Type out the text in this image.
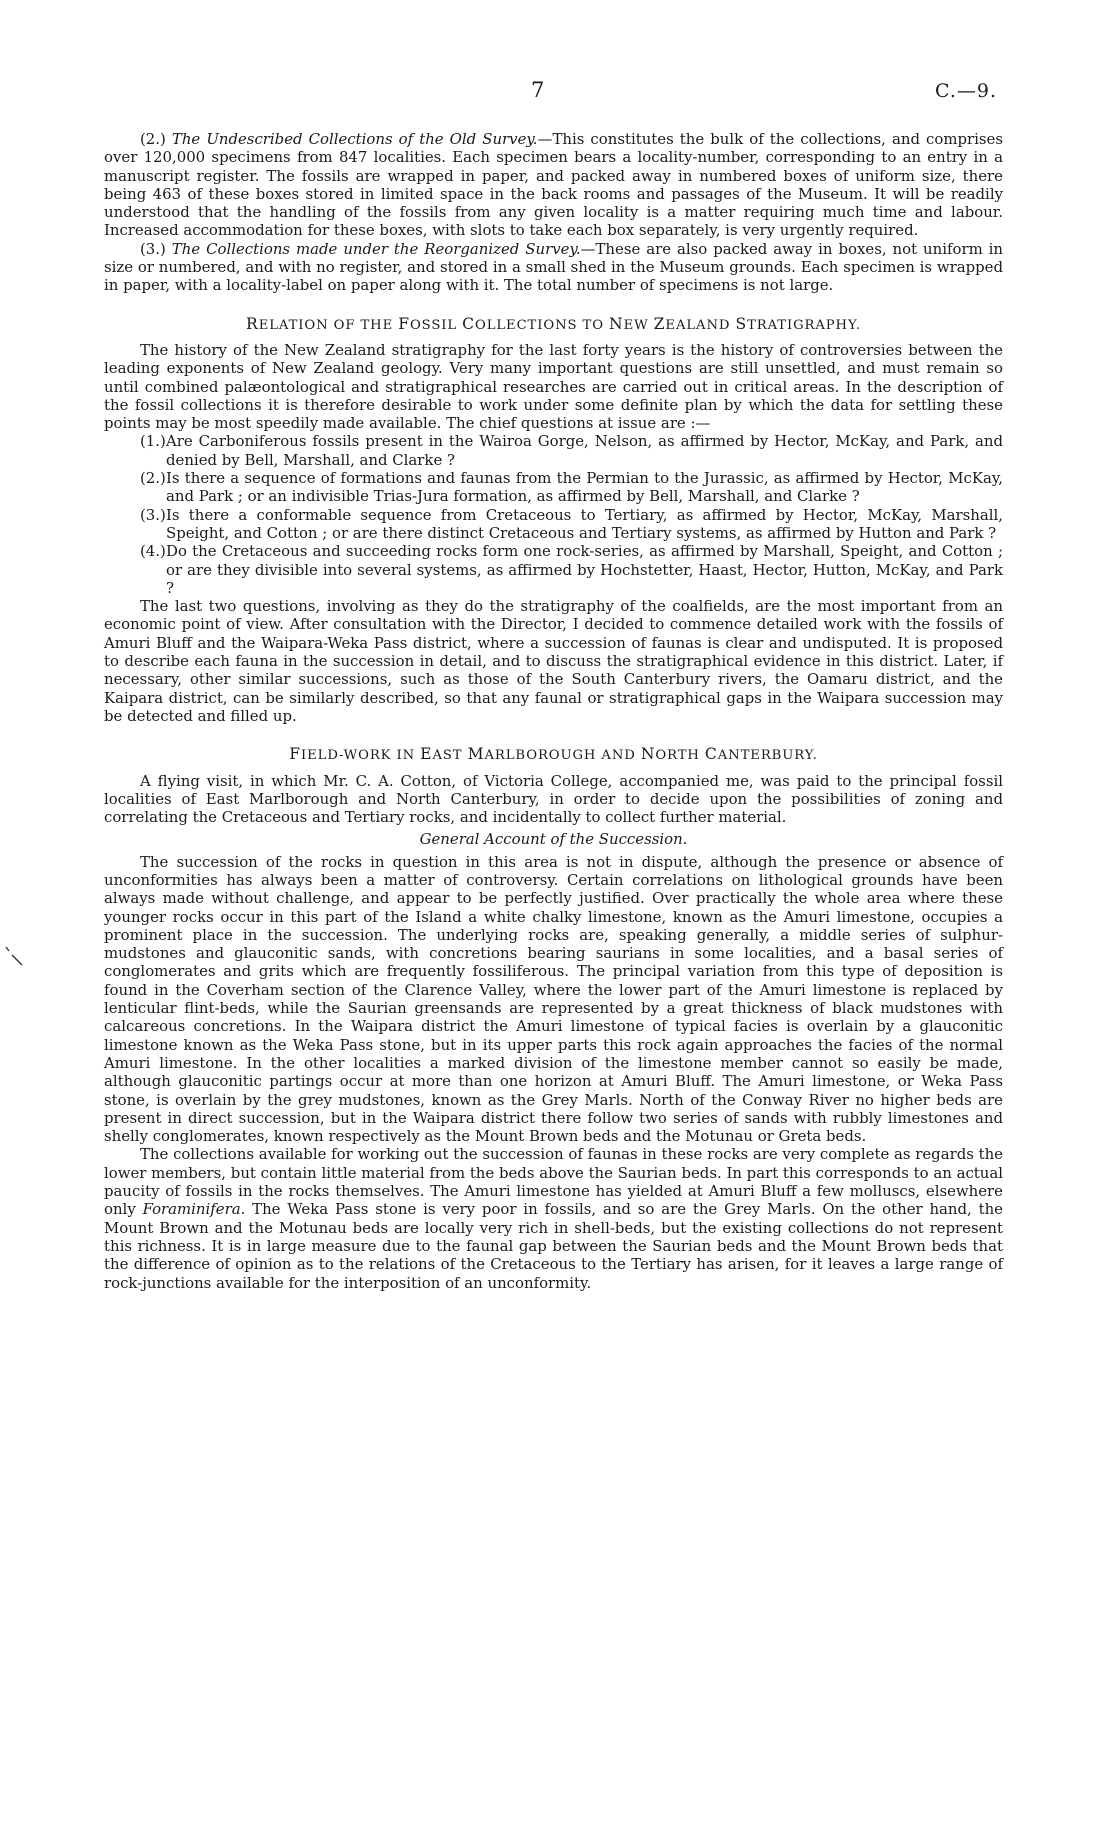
7	C.—9.

(2.) The Undescribed Collections of the Old Survey.—This constitutes the bulk of the collections, and comprises over 120,000 specimens from 847 localities. Each specimen bears a locality-number, corresponding to an entry in a manuscript register. The fossils are wrapped in paper, and packed away in numbered boxes of uniform size, there being 463 of these boxes stored in limited space in the back rooms and passages of the Museum. It will be readily understood that the handling of the fossils from any given locality is a matter requiring much time and labour. Increased accommodation for these boxes, with slots to take each box separately, is very urgently required.

(3.) The Collections made under the Reorganized Survey.—These are also packed away in boxes, not uniform in size or numbered, and with no register, and stored in a small shed in the Museum grounds. Each specimen is wrapped in paper, with a locality-label on paper along with it. The total number of specimens is not large.

RELATION OF THE FOSSIL COLLECTIONS TO NEW ZEALAND STRATIGRAPHY.

The history of the New Zealand stratigraphy for the last forty years is the history of controversies between the leading exponents of New Zealand geology. Very many important questions are still unsettled, and must remain so until combined palæontological and stratigraphical researches are carried out in critical areas. In the description of the fossil collections it is therefore desirable to work under some definite plan by which the data for settling these points may be most speedily made available. The chief questions at issue are :—

(1.) Are Carboniferous fossils present in the Wairoa Gorge, Nelson, as affirmed by Hector, McKay, and Park, and denied by Bell, Marshall, and Clarke ?
(2.) Is there a sequence of formations and faunas from the Permian to the Jurassic, as affirmed by Hector, McKay, and Park ; or an indivisible Trias-Jura formation, as affirmed by Bell, Marshall, and Clarke ?
(3.) Is there a conformable sequence from Cretaceous to Tertiary, as affirmed by Hector, McKay, Marshall, Speight, and Cotton ; or are there distinct Cretaceous and Tertiary systems, as affirmed by Hutton and Park ?
(4.) Do the Cretaceous and succeeding rocks form one rock-series, as affirmed by Marshall, Speight, and Cotton ; or are they divisible into several systems, as affirmed by Hochstetter, Haast, Hector, Hutton, McKay, and Park ?

The last two questions, involving as they do the stratigraphy of the coalfields, are the most important from an economic point of view. After consultation with the Director, I decided to commence detailed work with the fossils of Amuri Bluff and the Waipara-Weka Pass district, where a succession of faunas is clear and undisputed. It is proposed to describe each fauna in the succession in detail, and to discuss the stratigraphical evidence in this district. Later, if necessary, other similar successions, such as those of the South Canterbury rivers, the Oamaru district, and the Kaipara district, can be similarly described, so that any faunal or stratigraphical gaps in the Waipara succession may be detected and filled up.

FIELD-WORK IN EAST MARLBOROUGH AND NORTH CANTERBURY.

A flying visit, in which Mr. C. A. Cotton, of Victoria College, accompanied me, was paid to the principal fossil localities of East Marlborough and North Canterbury, in order to decide upon the possibilities of zoning and correlating the Cretaceous and Tertiary rocks, and incidentally to collect further material.

General Account of the Succession.

The succession of the rocks in question in this area is not in dispute, although the presence or absence of unconformities has always been a matter of controversy. Certain correlations on lithological grounds have been always made without challenge, and appear to be perfectly justified. Over practically the whole area where these younger rocks occur in this part of the Island a white chalky limestone, known as the Amuri limestone, occupies a prominent place in the succession. The underlying rocks are, speaking generally, a middle series of sulphur-mudstones and glauconitic sands, with concretions bearing saurians in some localities, and a basal series of conglomerates and grits which are frequently fossiliferous. The principal variation from this type of deposition is found in the Coverham section of the Clarence Valley, where the lower part of the Amuri limestone is replaced by lenticular flint-beds, while the Saurian greensands are represented by a great thickness of black mudstones with calcareous concretions. In the Waipara district the Amuri limestone of typical facies is overlain by a glauconitic limestone known as the Weka Pass stone, but in its upper parts this rock again approaches the facies of the normal Amuri limestone. In the other localities a marked division of the limestone member cannot so easily be made, although glauconitic partings occur at more than one horizon at Amuri Bluff. The Amuri limestone, or Weka Pass stone, is overlain by the grey mudstones, known as the Grey Marls. North of the Conway River no higher beds are present in direct succession, but in the Waipara district there follow two series of sands with rubbly limestones and shelly conglomerates, known respectively as the Mount Brown beds and the Motunau or Greta beds.

The collections available for working out the succession of faunas in these rocks are very complete as regards the lower members, but contain little material from the beds above the Saurian beds. In part this corresponds to an actual paucity of fossils in the rocks themselves. The Amuri limestone has yielded at Amuri Bluff a few molluscs, elsewhere only Foraminifera. The Weka Pass stone is very poor in fossils, and so are the Grey Marls. On the other hand, the Mount Brown and the Motunau beds are locally very rich in shell-beds, but the existing collections do not represent this richness. It is in large measure due to the faunal gap between the Saurian beds and the Mount Brown beds that the difference of opinion as to the relations of the Cretaceous to the Tertiary has arisen, for it leaves a large range of rock-junctions available for the interposition of an unconformity.
